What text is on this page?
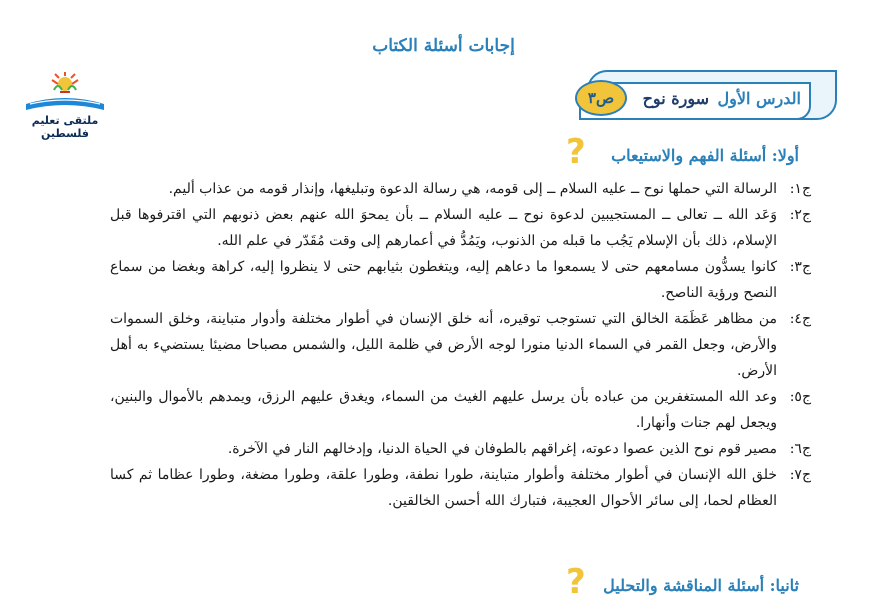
إجابات أسئلة الكتاب
ملتقى تعليم فلسطين
الدرس الأول
سورة نوح
ص٣
أولا: أسئلة الفهم والاستيعاب
?
ج١:
الرسالة التي حملها نوح ــ عليه السلام ــ إلى قومه، هي رسالة الدعوة وتبليغها، وإنذار قومه من عذاب أليم.
ج٢:
وَعَد الله ــ تعالى ــ المستجيبين لدعوة نوح ــ عليه السلام ــ بأن يمحوَ الله عنهم بعض ذنوبهم التي اقترفوها قبل الإسلام، ذلك بأن الإسلام يَجُب ما قبله من الذنوب، ويَمُدُّ في أعمارهم إلى وقت مُقَدّر في علم الله.
ج٣:
كانوا يسدُّون مسامعهم حتى لا يسمعوا ما دعاهم إليه، ويتغطون بثيابهم حتى لا ينظروا إليه، كراهة وبغضا من سماع النصح ورؤية الناصح.
ج٤:
من مظاهر عَظَمَة الخالق التي تستوجب توقيره، أنه خلق الإنسان في أطوار مختلفة وأدوار متباينة، وخلق السموات والأرض، وجعل القمر في السماء الدنيا منورا لوجه الأرض في ظلمة الليل، والشمس مصباحا مضيئا يستضيء به أهل الأرض.
ج٥:
وعد الله المستغفرين من عباده بأن يرسل عليهم الغيث من السماء، ويغدق عليهم الرزق، ويمدهم بالأموال والبنين، ويجعل لهم جنات وأنهارا.
ج٦:
مصير قوم نوح الذين عصوا دعوته، إغراقهم بالطوفان في الحياة الدنيا، وإدخالهم النار في الآخرة.
ج٧:
خلق الله الإنسان في أطوار مختلفة وأطوار متباينة، طورا نطفة، وطورا علقة، وطورا مضغة، وطورا عظاما ثم كسا العظام لحما، إلى سائر الأحوال العجيبة، فتبارك الله أحسن الخالقين.
ثانيا: أسئلة المناقشة والتحليل
?
